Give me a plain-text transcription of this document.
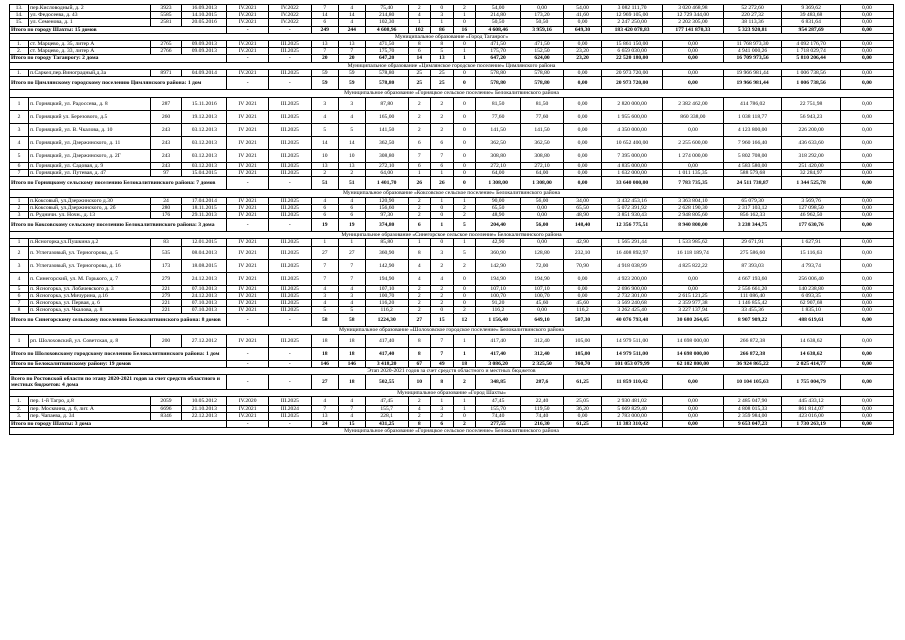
13.	пер.Кисловодный, д. 2	3923	16.09.2013	IV.2021	IV.2022	7	4	75,40	2	0	2	54,00	0,00	54,00	3 082 111,70	3 020 468,98	52 272,60	9 369,62	0,00
14.	ул. Федосеева, д. 43	5585	14.10.2015	IV.2021	IV.2022	14	14	214,80	4	3	1	214,80	173,20	41,60	12 969 105,00	12 729 344,00	220 27,32	39 483,68	0,00
15.	ул. Семенова, д. 1	2581	20.05.2016	IV.2021	IV.2022	6	4	102,30	1	1	0	50,50	50,50	0,00	2 247 250,00	2 202 305,00	38 113,36	6 831,64	0,00
Итого по городу Шахты: 15 домов				-	-	249	244	4 608,96	102	86	16	4 608,46	3 959,16	649,30	183 420 078,83	177 141 870,33	5 323 920,81	954 287,69	0,00
Муниципальное образование «Город Таганрог»																			
1.	ст. Марцево, д. 35, литер А	2765	09.09.2013	IV.2021	III.2025	13	13	471,50	8	8	0	471,50	471,50	0,00	15 861 150,00	0,00	11 768 973,30	4 092 176,70	0,00
2.	ст. Марцево, д. 33, литер А	2766	09.09.2013	IV.2021	III.2025	7	7	175,70	6	5	1	175,70	152,50	23,20	6 659 030,00	0,00	4 941 000,26	1 718 029,74	0,00
Итого по городу Таганрогу: 2 дома				-	-	20	20	647,20	14	13	1	647,20	624,00	23,20	22 520 180,00	0,00	16 709 973,56	5 810 206,44	0,00
Муниципальное образование «Цимлянское городское поселение» Цимлянского района																			
1.	п.Сaркел,пер.Виноградный,д.3а	8971	04.09.2014	IV.2021	III.2025	59	59	578,80	25	25	0	578,80	578,80	0,00	20 973 720,00	0,00	19 966 981,44	1 006 738,56	0,00
Итого по Цимлянскому городскому поселению Цимлянского района: 1 дом				-	-	59	59	578,80	25	25	0	578,80	578,80	0,00	20 973 720,00	0,00	19 966 981,44	1 006 738,56	0,00
Муниципальное образование «Горняцкое сельское поселение» Белокалитвинского района																			
1	п. Горняцкий, ул. Радоссева, д. 8	287	15.11.2016	IV 2021	III.2025	3	3	87,80	2	2	0	81,50	81,50	0,00	2 820 000,00	2 382 462,00	414 786,02	22 751,98	0,00
2	п. Горняцкий ул. Березового, д.5	260	19.12.2013	IV 2021	III.2025	4	4	165,00	2	2	0	77,60	77,60	0,00	1 955 600,00	860 338,00	1 038 118,77	56 943,23	0,00
3	п. Горняцкий, ул. В. Чкалова, д. 10	243	03.12.2013	IV 2021	III.2025	5	5	141,50	2	2	0	141,50	141,50	0,00	4 350 000,00	0,00	4 123 800,00	226 200,00	0,00
4	п. Горняцкий, ул. Дзержинского, д. 11	243	03.12.2013	IV 2021	III.2025	14	14	362,50	6	6	0	362,50	362,50	0,00	10 652 400,00	2 255 600,00	7 960 166,40	436 633,60	0,00
5	п. Горняцкий, ул. Дзержинского, д. 2Г	243	03.12.2013	IV 2021	III.2025	10	10	308,80	7	7	0	308,80	308,80	0,00	7 395 000,00	1 274 000,00	5 802 708,00	318 292,00	0,00
6	п. Горняцкий, ул. Садовая, д. 9	243	03.12.2013	IV 2021	III.2025	13	13	272,10	6	6	0	272,10	272,10	0,00	4 835 000,00	0,00	4 583 580,00	251 420,00	0,00
7	п. Горняцкий, ул. Путевая, д. 47	97	15.04.2015	IV 2021	III.2025	2	2	64,00	1	1	0	64,00	64,00	0,00	1 632 000,00	1 011 135,35	588 579,68	32 284,97	0,00
Итого по Горняцкому сельскому поселению Белокалитвинского района: 7 домов				-	-	51	51	1 401,70	26	26	0	1 308,00	1 308,00	0,00	33 640 000,00	7 783 735,35	24 511 738,87	1 344 525,78	0,00
Муниципальное образование «Коксовское сельское поселение» Белокалитвинского района																			
1	п.Коксовый, ул.Дзержинского д.30	24	17.04.2014	IV 2021	III.2025	4	4	120,90	2	1	1	90,00	56,00	34,00	3 432 453,16	3 363 804,10	65 079,30	3 569,76	0,00
2	п.Коксовый, ул.Дзержинского, д. 2б	280	18.11.2015	IV 2021	III.2025	6	6	156,60	2	0	2	65,50	0,00	65,50	5 072 391,92	2 628 190,30	2 317 103,12	127 098,50	0,00
3	п. Рудничн. ул. Ночн., д. 13	176	29.11.2013	IV 2021	III.2025	6	6	97,30	2	0	2	48,90	0,00	48,90	3 851 930,43	2 948 805,60	856 162,33	46 962,50	0,00
Итого по Коксовскому сельскому поселению Белокалитвинского района: 3 дома				-	-	19	19	374,80	6	1	5	204,40	56,00	148,40	12 356 775,51	8 940 800,00	3 238 344,75	177 630,76	0,00
Муниципальное образование «Синегорское сельское поселение» Белокалитвинского района																			
1	п.Ясногорка,ул.Пушкина д.2	83	12.01.2015	IV 2021	III.2025	1	1	85,80	1	0	1	42,90	0,00	42,90	1 565 291,44	1 533 985,62	29 671,91	1 627,91	0,00
2	п. Углегазовый, ул. Терногорова, д. 5	535	08.04.2013	IV 2021	III.2025	27	27	360,90	8	3	5	360,90	128,80	232,10	16 408 892,97	16 118 189,74	275 586,60	15 116,63	0,00
3	п. Углегазовый, ул. Терногорова, д. 16	173	18.08.2015	IV 2021	III.2025	7	7	142,90	4	2	2	142,90	72,00	70,90	4 918 038,99	4 825 822,22	87 393,03	4 793,74	0,00
4	п. Синегорский, ул. М. Горького, д. 7	279	24.12.2013	IV 2021	III.2025	7	7	194,90	4	4	0	194,90	194,90	0,00	4 923 200,00	0,00	4 667 193,60	256 006,40	0,00
5	п. Ясногорка, ул. Лобачевского д. 3	221	07.10.2013	IV 2021	III.2025	4	4	107,10	2	2	0	107,10	107,10	0,00	2 696 900,00	0,00	2 556 661,20	140 238,80	0,00
6	п. Ясногорка, ул.Мичурина, д.16	279	24.12.2013	IV 2021	III.2025	3	3	100,70	2	2	0	100,70	100,70	0,00	2 732 301,00	2 615 121,25	111 086,40	6 093,35	0,00
7	п. Ясногорка, ул. Первая, д. 6	221	07.10.2013	IV 2021	III.2025	4	4	116,20	2	2	0	91,20	45,60	45,60	3 569 240,68	2 359 977,38	1 146 855,42	62 907,68	0,00
8	п. Ясногорка, ул. Чкалова, д. 8	221	07.10.2013	IV 2021	III.2025	5	5	116,2	2	0	2	116,2	0,00	116,2	3 262 425,40	3 227 137,94	33 455,36	1 835,10	0,00
Итого по Синегорскому сельскому поселению Белокалитвинского района: 8 домов				-	-	58	58	1224,30	27	15	12	1 156,40	649,10	507,30	40 076 793,48	30 680 264,65	8 907 909,22	488 619,61	0,00
Муниципальное образование «Шолоховское городское поселение» Белокалитвинского района																			
1	рп. Шолоховский, ул. Советская, д. 8	200	27.12.2012	IV 2021	III.2025	18	18	417,40	8	7	1	417,40	312,40	105,00	14 979 511,00	14 698 000,00	266 872,38	14 638,62	0,00
Итого по Шолоховскому городскому поселению Белокалитвинского района: 1 дом				-	-	18	18	417,40	8	7	1	417,40	312,40	105,00	14 979 511,00	14 698 000,00	266 872,38	14 638,62	0,00
Итого по Белокалитвинскому району: 19 домов				-	-	146	146	3 418,20	67	49	18	3 086,20	2 325,50	760,70	101 053 079,99	62 102 800,00	36 924 865,22	2 025 414,77	0,00
Этап 2020-2021 годов за счет средств областного и местных бюджетов																			
Всего по Ростовской области по этапу 2020-2021 годов за счет средств областного и местных бюджетов: 4 дома				-	-	27	18	502,55	10	8	2	348,85	287,6	61,25	11 859 110,42	0,00	10 104 105,63	1 755 004,79	0,00
Муниципальное образование «Город Шахты»																			
1.	пер. 1-й Тагро, д.8	2059	10.05.2012	IV.2020	III.2025	4	4	47,45	2	1	1	47,45	22,40	25,05	2 930 481,02	0,00	2 485 047,90	445 433,12	0,00
2.	пер. Москвина, д. 6, лит. А	6696	21.10.2013	IV.2021	III.2024	7	7	155,7	4	3	1	155,70	119,50	36,20	5 669 829,40	0,00	4 808 015,33	861 814,07	0,00
3.	пер. Чапаева, д. 34	8346	22.12.2013	IV.2021	III.2025	13	4	228,1	2	2	0	74,40	74,40	0,00	2 783 000,00	0,00	2 359 984,00	423 016,00	0,00
Итого по городу Шахты: 3 дома				-	-	24	15	431,25	8	6	2	277,55	216,30	61,25	11 383 310,42	0,00	9 653 047,23	1 730 263,19	0,00
Муниципальное образование «Горняцкое сельское поселение» Белокалитвинского района																			
